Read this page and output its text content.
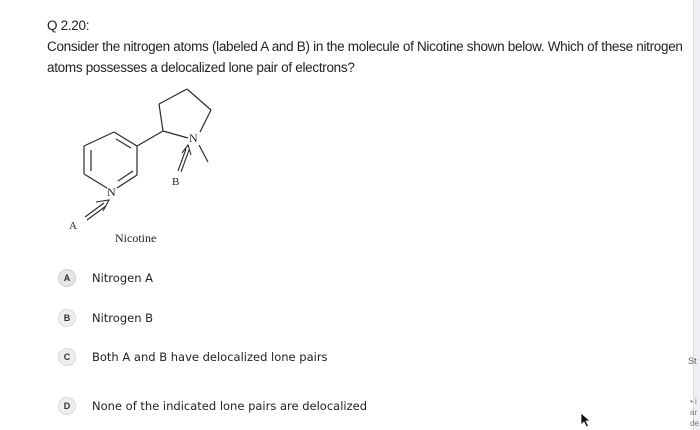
Q 2.20:
Consider the nitrogen atoms (labeled A and B) in the molecule of Nicotine shown below. Which of these nitrogen atoms possesses a delocalized lone pair of electrons?
N
N
B
A
Nicotine
A	Nitrogen A
B	Nitrogen B
C	Both A and B have delocalized lone pairs
D	None of the indicated lone pairs are delocalized
St
• i
ar
de
